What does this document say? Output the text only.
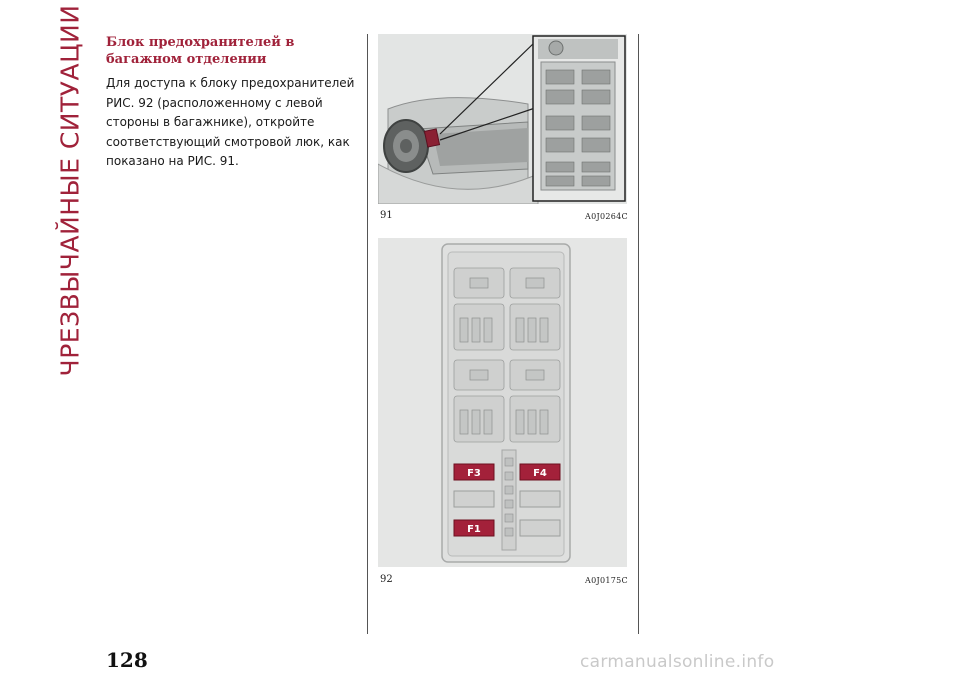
ЧРЕЗВЫЧАЙНЫЕ СИТУАЦИИ Блок предохранителей в багажном отделении

Для доступа к блоку предохранителей РИС. 92 (расположенному с левой стороны в багажнике), откройте соответствующий смотровой люк, как показано на РИС. 91.

91	A0J0264C
F3	F4
F1
92	A0J0175C
128	carmanualsonline.info
